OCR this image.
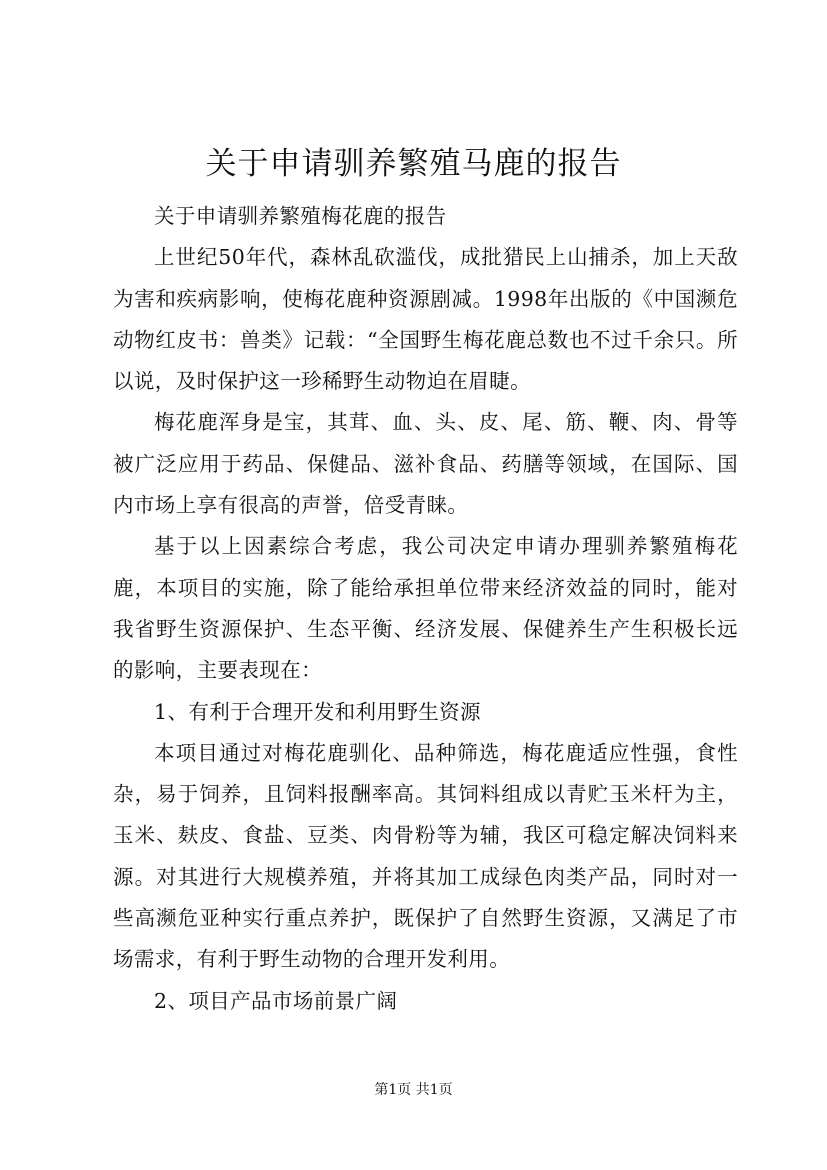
关于申请驯养繁殖马鹿的报告

关于申请驯养繁殖梅花鹿的报告

上世纪50年代，森林乱砍滥伐，成批猎民上山捕杀，加上天敌为害和疾病影响，使梅花鹿种资源剧减。1998年出版的《中国濒危动物红皮书：兽类》记载：“全国野生梅花鹿总数也不过千余只。所以说，及时保护这一珍稀野生动物迫在眉睫。

梅花鹿浑身是宝，其茸、血、头、皮、尾、筋、鞭、肉、骨等被广泛应用于药品、保健品、滋补食品、药膳等领域，在国际、国内市场上享有很高的声誉，倍受青睐。

基于以上因素综合考虑，我公司决定申请办理驯养繁殖梅花鹿，本项目的实施，除了能给承担单位带来经济效益的同时，能对我省野生资源保护、生态平衡、经济发展、保健养生产生积极长远的影响，主要表现在：

1、有利于合理开发和利用野生资源

本项目通过对梅花鹿驯化、品种筛选，梅花鹿适应性强，食性杂，易于饲养，且饲料报酬率高。其饲料组成以青贮玉米杆为主，玉米、麸皮、食盐、豆类、肉骨粉等为辅，我区可稳定解决饲料来源。对其进行大规模养殖，并将其加工成绿色肉类产品，同时对一些高濒危亚种实行重点养护，既保护了自然野生资源，又满足了市场需求，有利于野生动物的合理开发利用。

2、项目产品市场前景广阔

第1页 共1页
